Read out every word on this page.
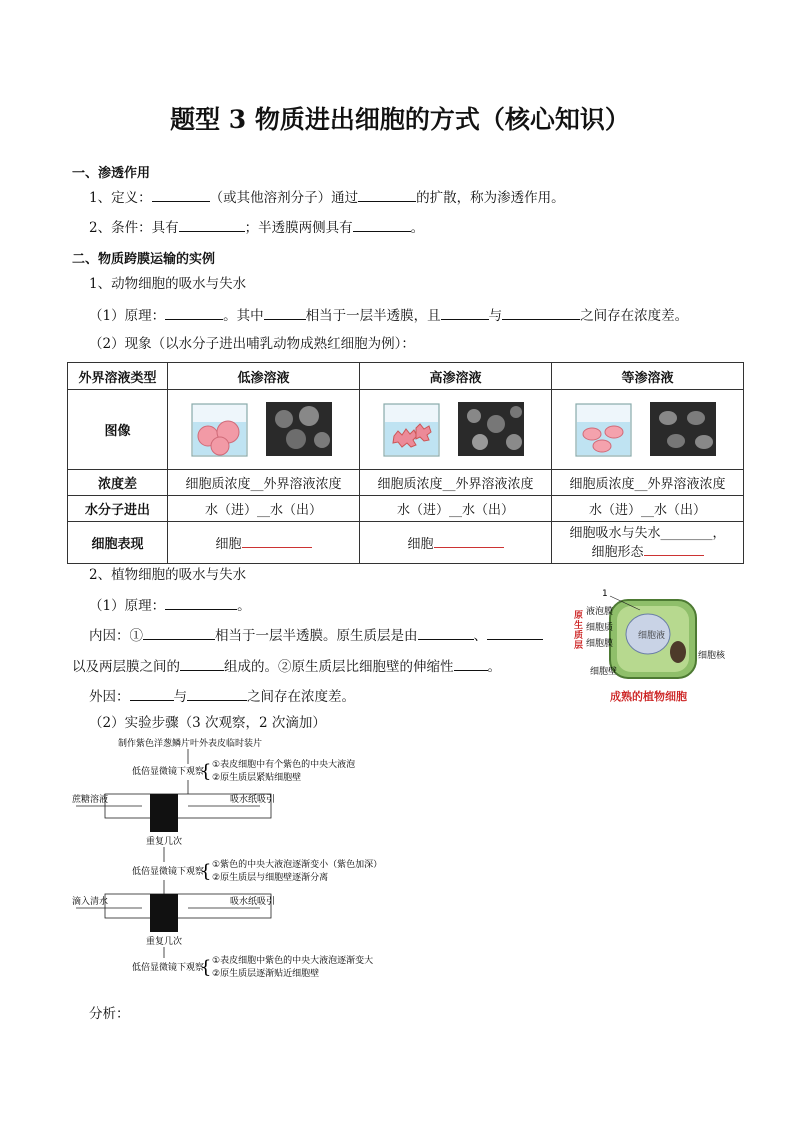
题型 3 物质进出细胞的方式（核心知识）
一、渗透作用
1、定义：	（或其他溶剂分子）通过	的扩散，称为渗透作用。
2、条件：具有	；半透膜两侧具有	。
二、物质跨膜运输的实例
1、动物细胞的吸水与失水
（1）原理：	。其中	相当于一层半透膜，且	与	之间存在浓度差。
（2）现象（以水分子进出哺乳动物成熟红细胞为例）：
外界溶液类型	低渗溶液	高渗溶液	等渗溶液
图像			
浓度差	细胞质浓度__外界溶液浓度	细胞质浓度__外界溶液浓度	细胞质浓度__外界溶液浓度
水分子进出	水（进）__水（出）	水（进）__水（出）	水（进）__水（出）
细胞表现	细胞	细胞	细胞吸水与失水________，
细胞形态
2、植物细胞的吸水与失水
（1）原理：	。
内因：①	相当于一层半透膜。原生质层是由	、
以及两层膜之间的	组成的。②原生质层比细胞壁的伸缩性	。
外因：	与	之间存在浓度差。
（2）实验步骤（3 次观察，2 次滴加）
细胞液
原生质层
1
液泡膜
细胞质
细胞膜
细胞壁
细胞核
成熟的植物细胞
制作紫色洋葱鳞片叶外表皮临时装片
低倍显微镜下观察
{ ①表皮细胞中有个紫色的中央大液泡
②原生质层紧贴细胞壁
蔗糖溶液	吸水纸吸引
重复几次
低倍显微镜下观察
{ ①紫色的中央大液泡逐渐变小（紫色加深）
②原生质层与细胞壁逐渐分离
滴入清水	吸水纸吸引
重复几次
低倍显微镜下观察
{ ①表皮细胞中紫色的中央大液泡逐渐变大
②原生质层逐渐贴近细胞壁
分析：
